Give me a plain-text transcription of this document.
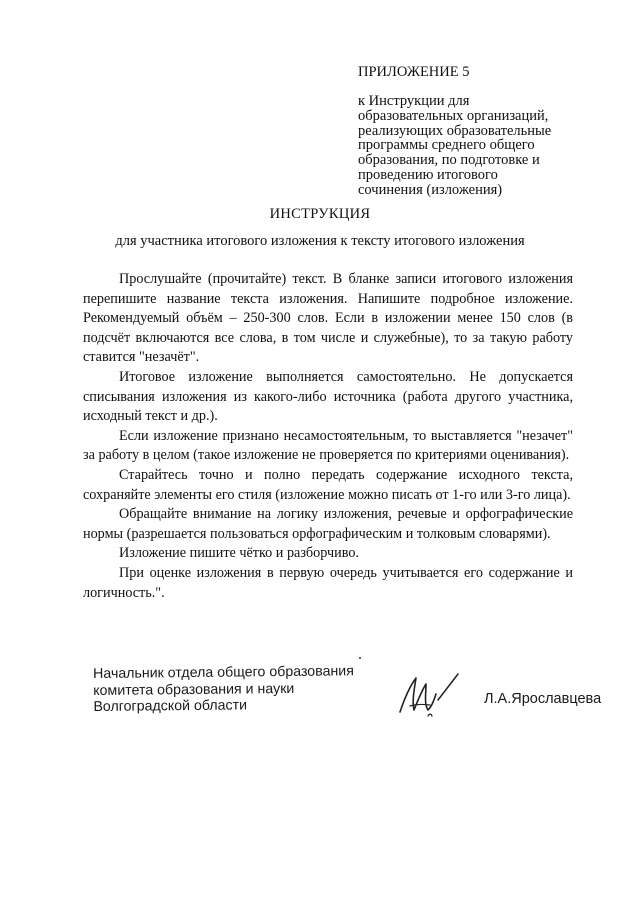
ПРИЛОЖЕНИЕ 5
к Инструкции для
образовательных организаций,
реализующих образовательные
программы среднего общего
образования, по подготовке и
проведению итогового
сочинения (изложения)
ИНСТРУКЦИЯ
для участника итогового изложения к тексту итогового изложения

Прослушайте (прочитайте) текст. В бланке записи итогового изложения перепишите название текста изложения. Напишите подробное изложение. Рекомендуемый объём – 250-300 слов. Если в изложении менее 150 слов (в подсчёт включаются все слова, в том числе и служебные), то за такую работу ставится "незачёт".

Итоговое изложение выполняется самостоятельно. Не допускается списывания изложения из какого-либо источника (работа другого участника, исходный текст и др.).

Если изложение признано несамостоятельным, то выставляется "незачет" за работу в целом (такое изложение не проверяется по критериями оценивания).

Старайтесь точно и полно передать содержание исходного текста, сохраняйте элементы его стиля (изложение можно писать от 1-го или 3-го лица).

Обращайте внимание на логику изложения, речевые и орфографические нормы (разрешается пользоваться орфографическим и толковым словарями).

Изложение пишите чётко и разборчиво.

При оценке изложения в первую очередь учитывается его содержание и логичность.".

Начальник отдела общего образования
комитета образования и науки
Волгоградской области	Л.А.Ярославцева
